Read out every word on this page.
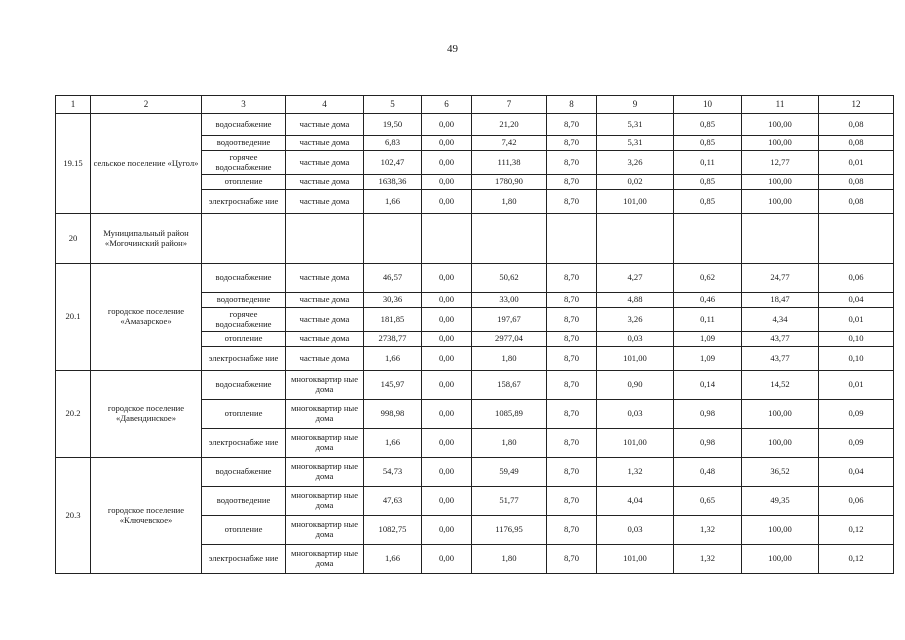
49
1	2	3	4	5	6	7	8	9	10	11	12
19.15	сельское поселение «Цугол»	водоснабжение	частные дома	19,50	0,00	21,20	8,70	5,31	0,85	100,00	0,08
		водоотведение	частные дома	6,83	0,00	7,42	8,70	5,31	0,85	100,00	0,08
		горячее водоснабжение	частные дома	102,47	0,00	111,38	8,70	3,26	0,11	12,77	0,01
		отопление	частные дома	1638,36	0,00	1780,90	8,70	0,02	0,85	100,00	0,08
		электроснабже ние	частные дома	1,66	0,00	1,80	8,70	101,00	0,85	100,00	0,08
20	Муниципальный район «Могочинский район»										
20.1	городское поселение «Амазарское»	водоснабжение	частные дома	46,57	0,00	50,62	8,70	4,27	0,62	24,77	0,06
		водоотведение	частные дома	30,36	0,00	33,00	8,70	4,88	0,46	18,47	0,04
		горячее водоснабжение	частные дома	181,85	0,00	197,67	8,70	3,26	0,11	4,34	0,01
		отопление	частные дома	2738,77	0,00	2977,04	8,70	0,03	1,09	43,77	0,10
		электроснабже ние	частные дома	1,66	0,00	1,80	8,70	101,00	1,09	43,77	0,10
20.2	городское поселение «Давендинское»	водоснабжение	многоквартир ные дома	145,97	0,00	158,67	8,70	0,90	0,14	14,52	0,01
		отопление	многоквартир ные дома	998,98	0,00	1085,89	8,70	0,03	0,98	100,00	0,09
		электроснабже ние	многоквартир ные дома	1,66	0,00	1,80	8,70	101,00	0,98	100,00	0,09
20.3	городское поселение «Ключевское»	водоснабжение	многоквартир ные дома	54,73	0,00	59,49	8,70	1,32	0,48	36,52	0,04
		водоотведение	многоквартир ные дома	47,63	0,00	51,77	8,70	4,04	0,65	49,35	0,06
		отопление	многоквартир ные дома	1082,75	0,00	1176,95	8,70	0,03	1,32	100,00	0,12
		электроснабже ние	многоквартир ные дома	1,66	0,00	1,80	8,70	101,00	1,32	100,00	0,12
